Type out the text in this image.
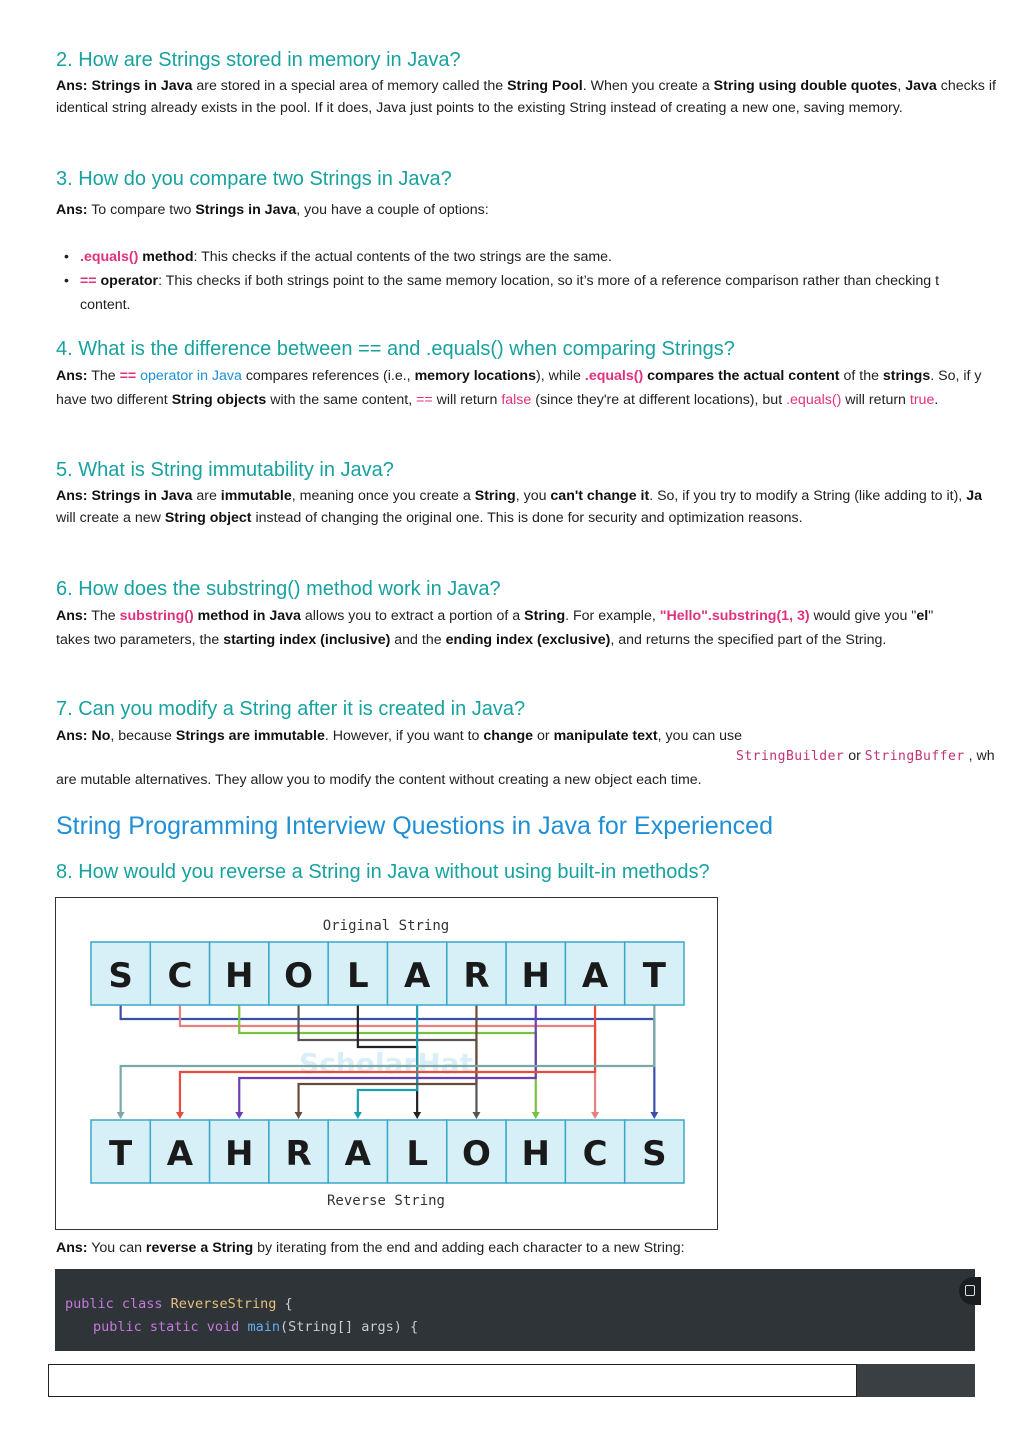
2. How are Strings stored in memory in Java?
Ans: Strings in Java are stored in a special area of memory called the String Pool. When you create a String using double quotes, Java checks if
identical string already exists in the pool. If it does, Java just points to the existing String instead of creating a new one, saving memory.
3. How do you compare two Strings in Java?
Ans: To compare two Strings in Java, you have a couple of options:
• .equals() method: This checks if the actual contents of the two strings are the same.
• == operator: This checks if both strings point to the same memory location, so it’s more of a reference comparison rather than checking t
content.
4. What is the difference between == and .equals() when comparing Strings?
Ans: The == operator in Java compares references (i.e., memory locations), while .equals() compares the actual content of the strings. So, if y
have two different String objects with the same content, == will return false (since they're at different locations), but .equals() will return true.
5. What is String immutability in Java?
Ans: Strings in Java are immutable, meaning once you create a String, you can't change it. So, if you try to modify a String (like adding to it), Ja
will create a new String object instead of changing the original one. This is done for security and optimization reasons.
6. How does the substring() method work in Java?
Ans: The substring() method in Java allows you to extract a portion of a String. For example, "Hello".substring(1, 3) would give you "el"
takes two parameters, the starting index (inclusive) and the ending index (exclusive), and returns the specified part of the String.
7. Can you modify a String after it is created in Java?
Ans: No, because Strings are immutable. However, if you want to change or manipulate text, you can use
StringBuilder or StringBuffer , wh
are mutable alternatives. They allow you to modify the content without creating a new object each time.
String Programming Interview Questions in Java for Experienced
8. How would you reverse a String in Java without using built-in methods?
Original String
Reverse String
ScholarHat
S C H O L A R H A T
T A H R A L O H C S
Ans: You can reverse a String by iterating from the end and adding each character to a new String:
public class ReverseString {
public static void main(String[] args) {
